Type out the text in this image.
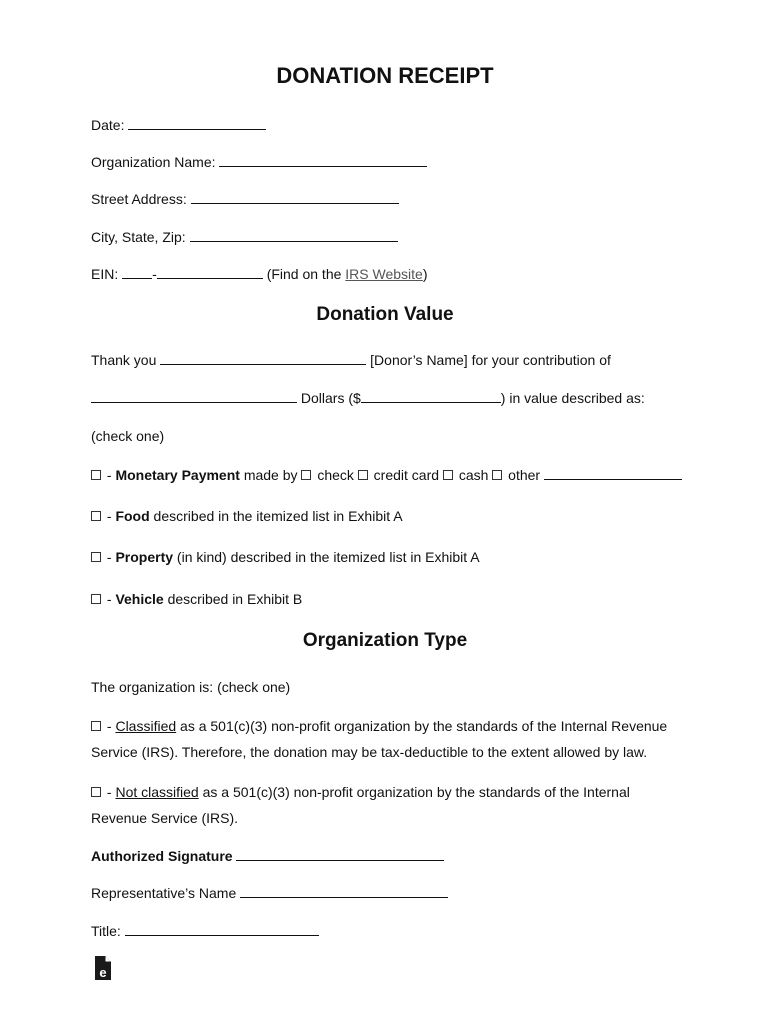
DONATION RECEIPT
Date:
Organization Name:
Street Address:
City, State, Zip:
EIN: -	(Find on the IRS Website)
Donation Value
Thank you	[Donor’s Name] for your contribution of
Dollars ($	) in value described as:
(check one)
- Monetary Payment made by  check credit card cash other
- Food described in the itemized list in Exhibit A
- Property (in kind) described in the itemized list in Exhibit A
- Vehicle described in Exhibit B
Organization Type
The organization is: (check one)
- Classified as a 501(c)(3) non-profit organization by the standards of the Internal Revenue
Service (IRS). Therefore, the donation may be tax-deductible to the extent allowed by law.
- Not classified as a 501(c)(3) non-profit organization by the standards of the Internal
Revenue Service (IRS).
Authorized Signature
Representative’s Name
Title:
e
